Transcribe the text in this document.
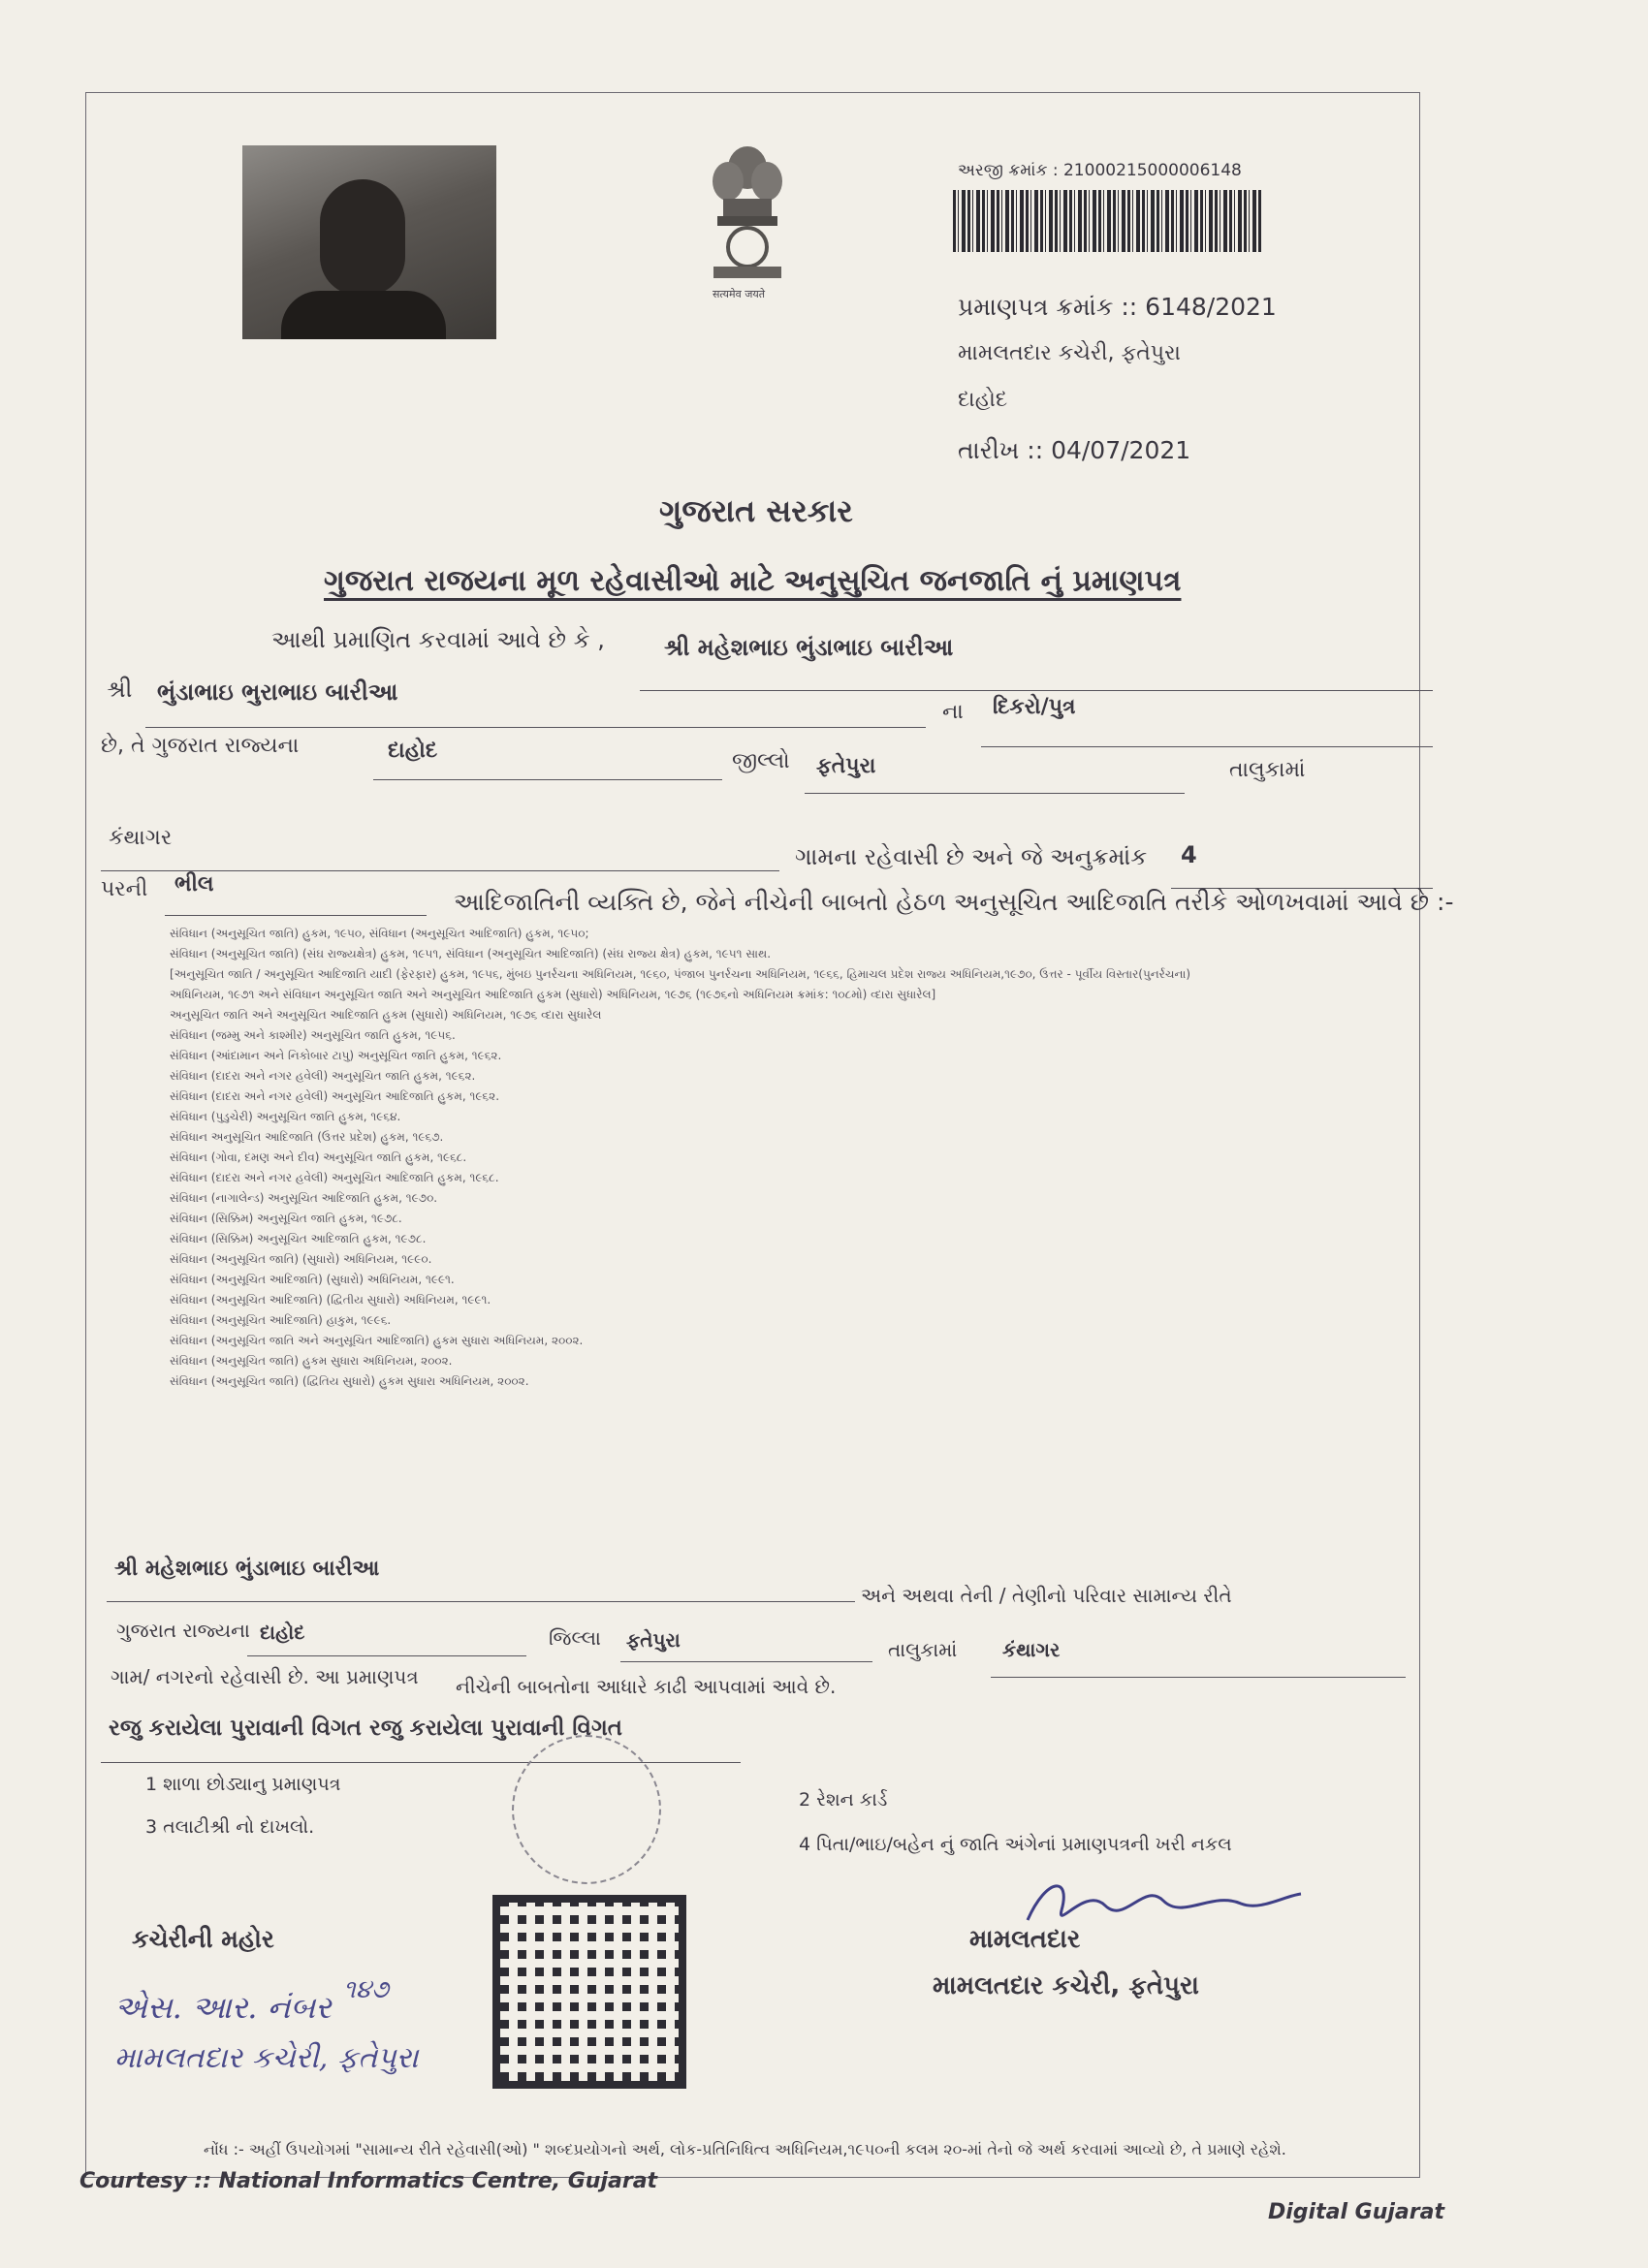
सत्यमेव जयते
અરજી ક્રમાંક : 21000215000006148
પ્રમાણપત્ર ક્રમાંક :: 6148/2021
મામલતદાર કચેરી, ફતેપુરા
દાહોદ
તારીખ :: 04/07/2021
ગુજરાત સરકાર
ગુજરાત રાજયના મૂળ રહેવાસીઓ માટે અનુસુચિત જનજાતિ નું પ્રમાણપત્ર
આથી પ્રમાણિત કરવામાં આવે છે કે ,	શ્રી મહેશભાઇ ભુંડાભાઇ બારીઆ
શ્રી ભુંડાભાઇ ભુરાભાઇ બારીઆ
ના દિકરો/પુત્ર
છે, તે ગુજરાત રાજ્યના	દાહોદ	જીલ્લો ફતેપુરા	તાલુકામાં
કંથાગર
ગામના રહેવાસી છે અને જે અનુક્રમાંક 4
પરની ભીલ
આદિજાતિની વ્યક્તિ છે, જેને નીચેની બાબતો હેઠળ અનુસૂચિત આદિજાતિ તરીકે ઓળખવામાં આવે છે :-
સંવિધાન (અનુસૂચિત જાતિ) હુકમ, ૧૯૫૦, સંવિધાન (અનુસૂચિત આદિજાતિ) હુકમ, ૧૯૫૦;
સંવિધાન (અનુસૂચિત જાતિ) (સંઘ રાજ્યક્ષેત્ર) હુકમ, ૧૯૫૧, સંવિધાન (અનુસૂચિત આદિજાતિ) (સંઘ રાજ્ય ક્ષેત્ર) હુકમ, ૧૯૫૧ સાથ.
[અનુસૂચિત જાતિ / અનુસૂચિત આદિજાતિ યાદી (ફેરફાર) હુકમ, ૧૯૫૬, મુંબઇ પુનર્રચના અધિનિયમ, ૧૯૬૦, પંજાબ પુનર્રચના અધિનિયમ, ૧૯૬૬, હિમાચલ પ્રદેશ રાજ્ય અધિનિયમ,૧૯૭૦, ઉત્તર - પૂર્વીય વિસ્તાર(પુનર્રચના)
અધિનિયમ, ૧૯૭૧ અને સંવિધાન અનુસૂચિત જાતિ અને અનુસૂચિત આદિજાતિ હુકમ (સુધારો) અધિનિયમ, ૧૯૭૬ (૧૯૭૬નો અધિનિયમ ક્રમાંક: ૧૦૮મો) વ્દારા સુધારેલ]
અનુસૂચિત જાતિ અને અનુસૂચિત આદિજાતિ હુકમ (સુધારો) અધિનિયમ, ૧૯૭૬ વ્દારા સુધારેલ
સંવિધાન (જમ્મુ અને કાશ્મીર) અનુસૂચિત જાતિ હુકમ, ૧૯૫૬.
સંવિધાન (આંદામાન અને નિકોબાર ટાપુ) અનુસૂચિત જાતિ હુકમ, ૧૯૬૨.
સંવિધાન (દાદરા અને નગર હવેલી) અનુસૂચિત જાતિ હુકમ, ૧૯૬૨.
સંવિધાન (દાદરા અને નગર હવેલી) અનુસૂચિત આદિજાતિ હુકમ, ૧૯૬૨.
સંવિધાન (પુડુચેરી) અનુસૂચિત જાતિ હુકમ, ૧૯૬૪.
સંવિધાન અનુસૂચિત આદિજાતિ (ઉત્તર પ્રદેશ) હુકમ, ૧૯૬૭.
સંવિધાન (ગોવા, દમણ અને દીવ) અનુસૂચિત જાતિ હુકમ, ૧૯૬૮.
સંવિધાન (દાદરા અને નગર હવેલી) અનુસૂચિત આદિજાતિ હુકમ, ૧૯૬૮.
સંવિધાન (નાગાલેન્ડ) અનુસૂચિત આદિજાતિ હુકમ, ૧૯૭૦.
સંવિધાન (સિક્કિમ) અનુસૂચિત જાતિ હુકમ, ૧૯૭૮.
સંવિધાન (સિક્કિમ) અનુસૂચિત આદિજાતિ હુકમ, ૧૯૭૮.
સંવિધાન (અનુસૂચિત જાતિ) (સુધારો) અધિનિયમ, ૧૯૯૦.
સંવિધાન (અનુસૂચિત આદિજાતિ) (સુધારો) અધિનિયમ, ૧૯૯૧.
સંવિધાન (અનુસૂચિત આદિજાતિ) (દ્વિતીય સુધારો) અધિનિયમ, ૧૯૯૧.
સંવિધાન (અનુસૂચિત આદિજાતિ) હાકુમ, ૧૯૯૬.
સંવિધાન (અનુસૂચિત જાતિ અને અનુસૂચિત આદિજાતિ) હુકમ સુધારા અધિનિયમ, ૨૦૦૨.
સંવિધાન (અનુસૂચિત જાતિ) હુકમ સુધારા અધિનિયમ, ૨૦૦૨.
સંવિધાન (અનુસૂચિત જાતિ) (દ્વિતિય સુધારો) હુકમ સુધારા અધિનિયમ, ૨૦૦૨.
શ્રી મહેશભાઇ ભુંડાભાઇ બારીઆ
અને અથવા તેની / તેણીનો પરિવાર સામાન્ય રીતે
ગુજરાત રાજ્યના દાહોદ	જિલ્લા ફતેપુરા	તાલુકામાં કંથાગર
ગામ/ નગરનો રહેવાસી છે. આ પ્રમાણપત્ર નીચેની બાબતોના આધારે કાઢી આપવામાં આવે છે.
રજુ કરાયેલા પુરાવાની વિગત રજુ કરાયેલા પુરાવાની વિગત
1 શાળા છોડ્યાનુ પ્રમાણપત્ર
2 રેશન કાર્ડ
3 તલાટીશ્રી નો દાખલો.
4 પિતા/ભાઇ/બહેન નું જાતિ અંગેનાં પ્રમાણપત્રની ખરી નકલ
કચેરીની મહોર
એસ. આર. નંબર ૧૪૭
મામલતદાર કચેરી, ફતેપુરા
મામલતદાર
મામલતદાર કચેરી, ફતેપુરા
નોંધ :- અહીં ઉપયોગમાં "સામાન્ય રીતે રહેવાસી(ઓ) " શબ્દપ્રયોગનો અર્થ, લોક-પ્રતિનિધિત્વ અધિનિયમ,૧૯૫૦ની કલમ ૨૦-માં તેનો જે અર્થ કરવામાં આવ્યો છે, તે પ્રમાણે રહેશે.
Courtesy :: National Informatics Centre, Gujarat
Digital Gujarat
